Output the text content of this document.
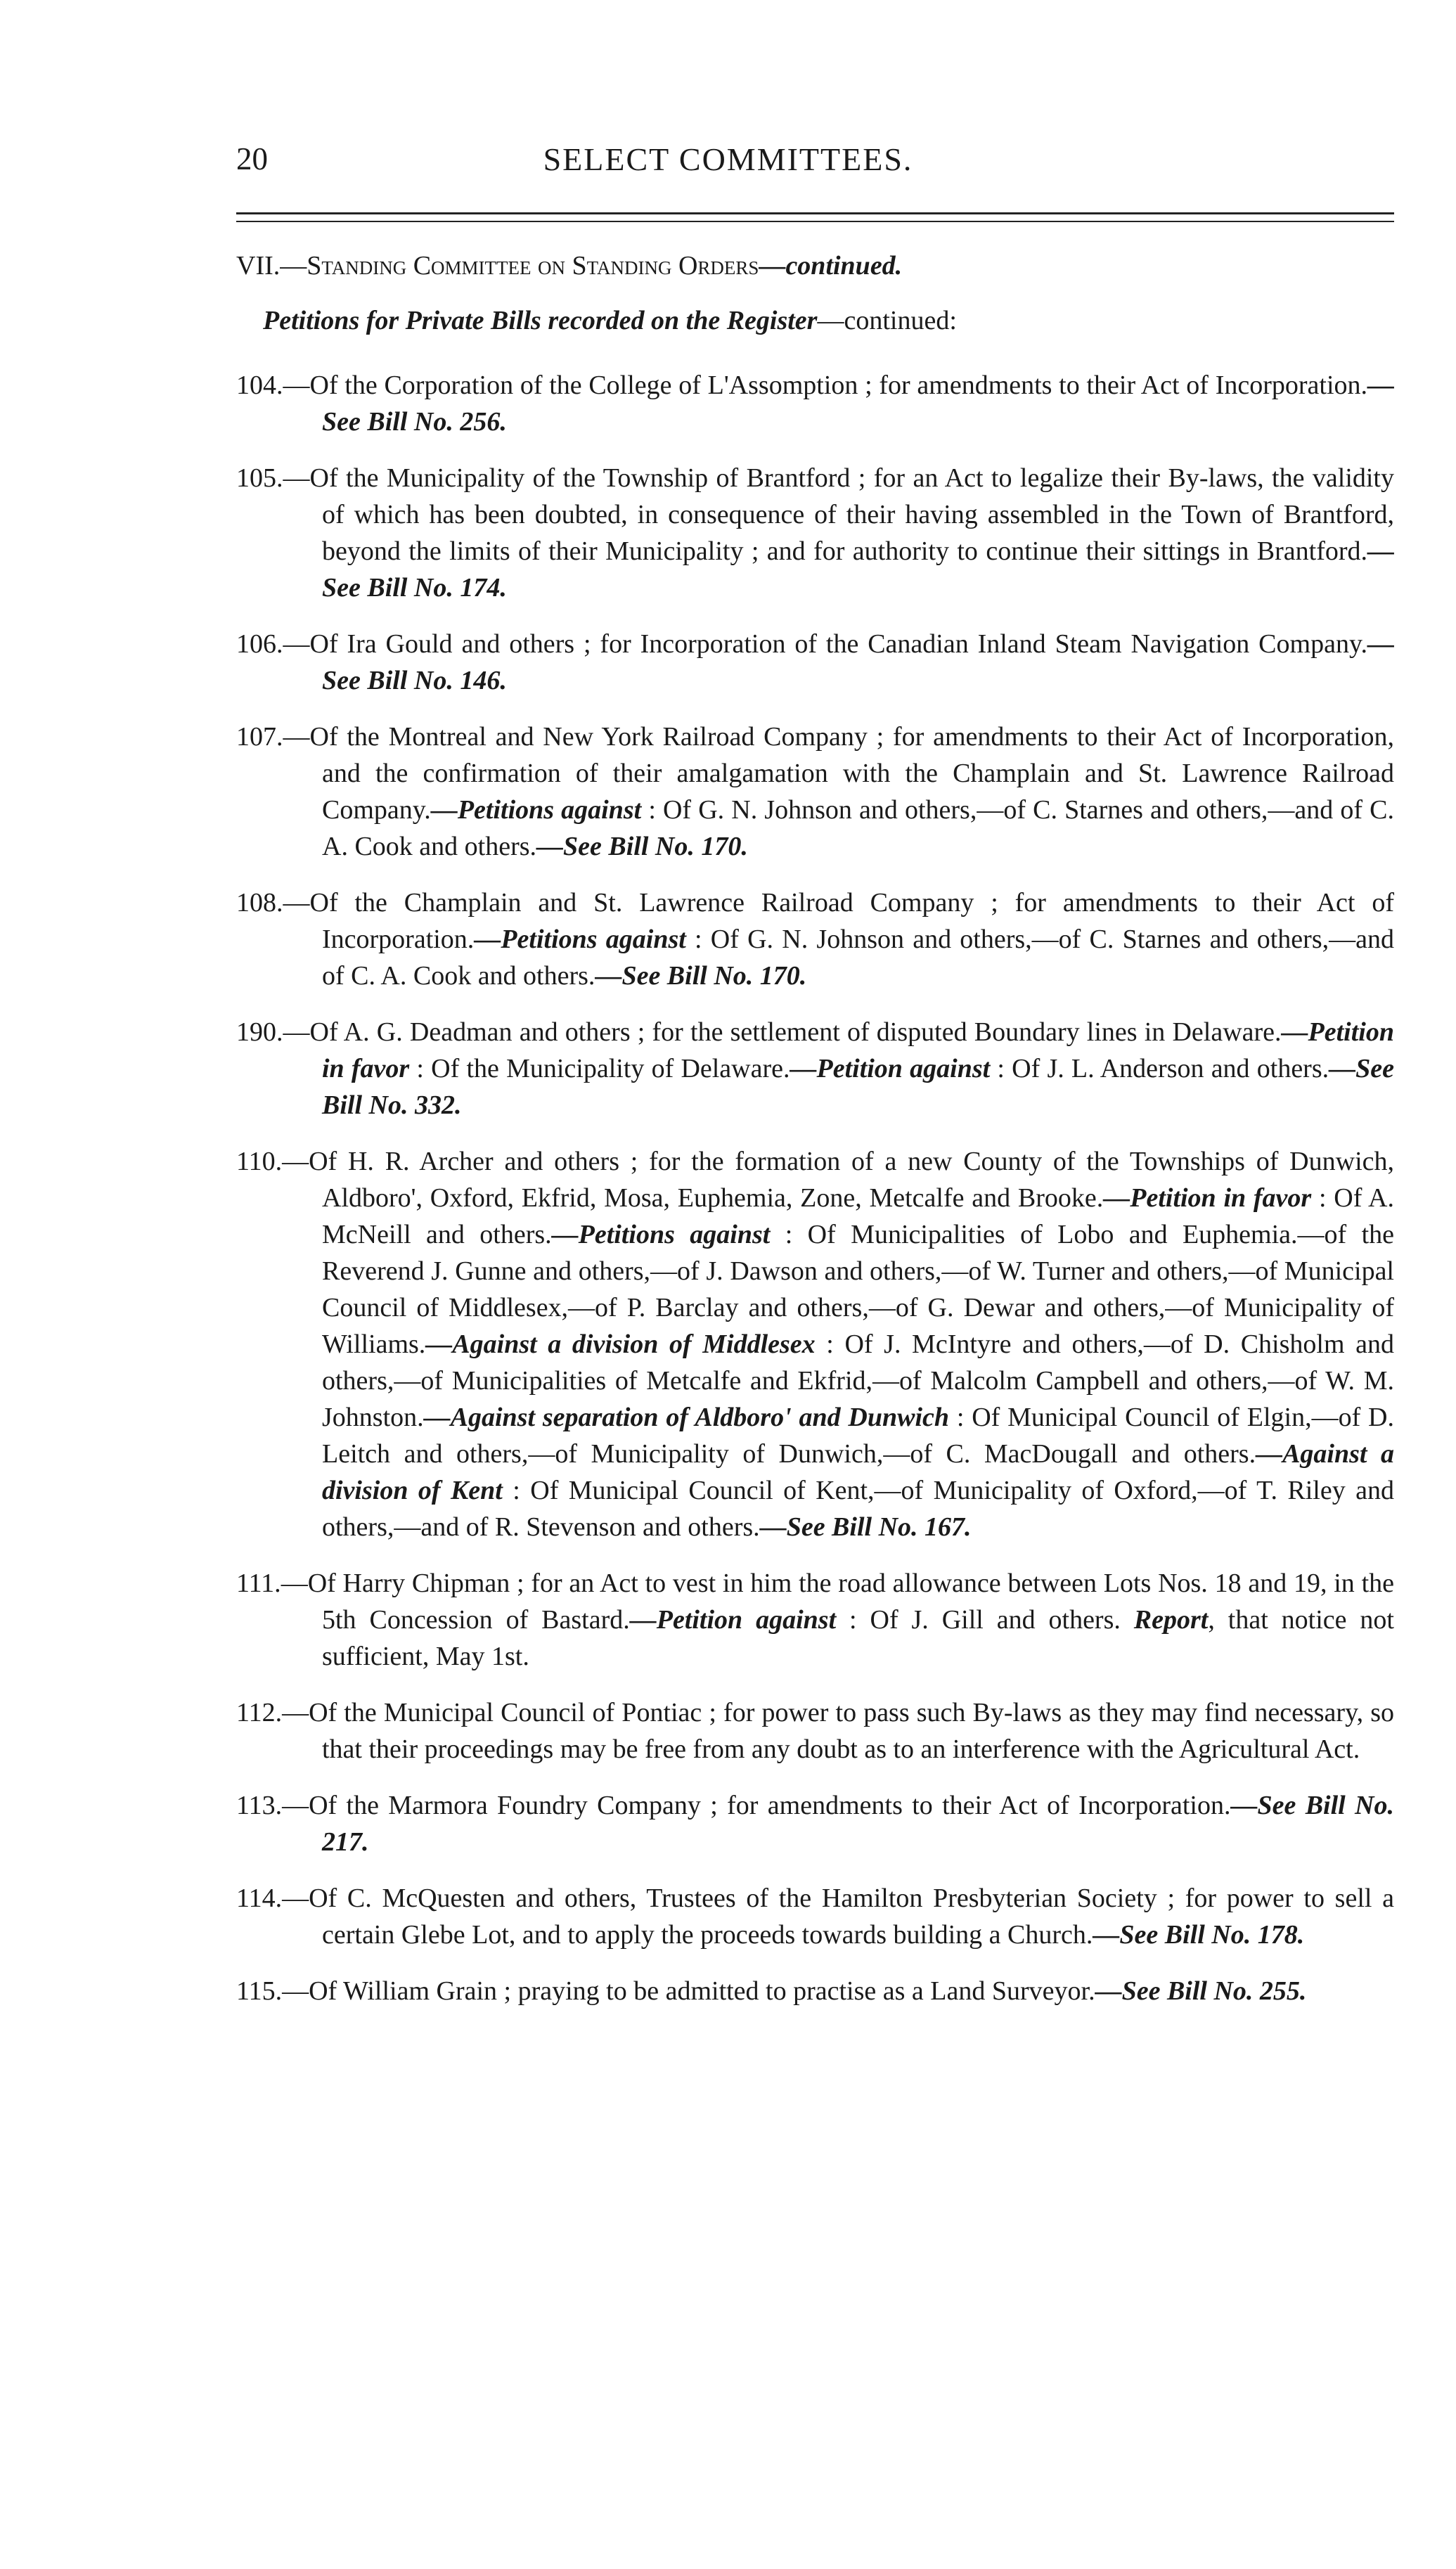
20	SELECT COMMITTEES.

VII.—Standing Committee on Standing Orders—continued.

Petitions for Private Bills recorded on the Register—continued:

104.—Of the Corporation of the College of L'Assomption ; for amendments to their Act of Incorporation.—See Bill No. 256.

105.—Of the Municipality of the Township of Brantford ; for an Act to legalize their By-laws, the validity of which has been doubted, in consequence of their having assembled in the Town of Brantford, beyond the limits of their Municipality ; and for authority to continue their sittings in Brantford.—See Bill No. 174.

106.—Of Ira Gould and others ; for Incorporation of the Canadian Inland Steam Navigation Company.—See Bill No. 146.

107.—Of the Montreal and New York Railroad Company ; for amendments to their Act of Incorporation, and the confirmation of their amalgamation with the Champlain and St. Lawrence Railroad Company.—Petitions against : Of G. N. Johnson and others,—of C. Starnes and others,—and of C. A. Cook and others.—See Bill No. 170.

108.—Of the Champlain and St. Lawrence Railroad Company ; for amendments to their Act of Incorporation.—Petitions against : Of G. N. Johnson and others,—of C. Starnes and others,—and of C. A. Cook and others.—See Bill No. 170.

190.—Of A. G. Deadman and others ; for the settlement of disputed Boundary lines in Delaware.—Petition in favor : Of the Municipality of Delaware.—Petition against : Of J. L. Anderson and others.—See Bill No. 332.

110.—Of H. R. Archer and others ; for the formation of a new County of the Townships of Dunwich, Aldboro', Oxford, Ekfrid, Mosa, Euphemia, Zone, Metcalfe and Brooke.—Petition in favor : Of A. McNeill and others.—Petitions against : Of Municipalities of Lobo and Euphemia.—of the Reverend J. Gunne and others,—of J. Dawson and others,—of W. Turner and others,—of Municipal Council of Middlesex,—of P. Barclay and others,—of G. Dewar and others,—of Municipality of Williams.—Against a division of Middlesex : Of J. McIntyre and others,—of D. Chisholm and others,—of Municipalities of Metcalfe and Ekfrid,—of Malcolm Campbell and others,—of W. M. Johnston.—Against separation of Aldboro' and Dunwich : Of Municipal Council of Elgin,—of D. Leitch and others,—of Municipality of Dunwich,—of C. MacDougall and others.—Against a division of Kent : Of Municipal Council of Kent,—of Municipality of Oxford,—of T. Riley and others,—and of R. Stevenson and others.—See Bill No. 167.

111.—Of Harry Chipman ; for an Act to vest in him the road allowance between Lots Nos. 18 and 19, in the 5th Concession of Bastard.—Petition against : Of J. Gill and others. Report, that notice not sufficient, May 1st.

112.—Of the Municipal Council of Pontiac ; for power to pass such By-laws as they may find necessary, so that their proceedings may be free from any doubt as to an interference with the Agricultural Act.

113.—Of the Marmora Foundry Company ; for amendments to their Act of Incorporation.—See Bill No. 217.

114.—Of C. McQuesten and others, Trustees of the Hamilton Presbyterian Society ; for power to sell a certain Glebe Lot, and to apply the proceeds towards building a Church.—See Bill No. 178.

115.—Of William Grain ; praying to be admitted to practise as a Land Surveyor.—See Bill No. 255.
